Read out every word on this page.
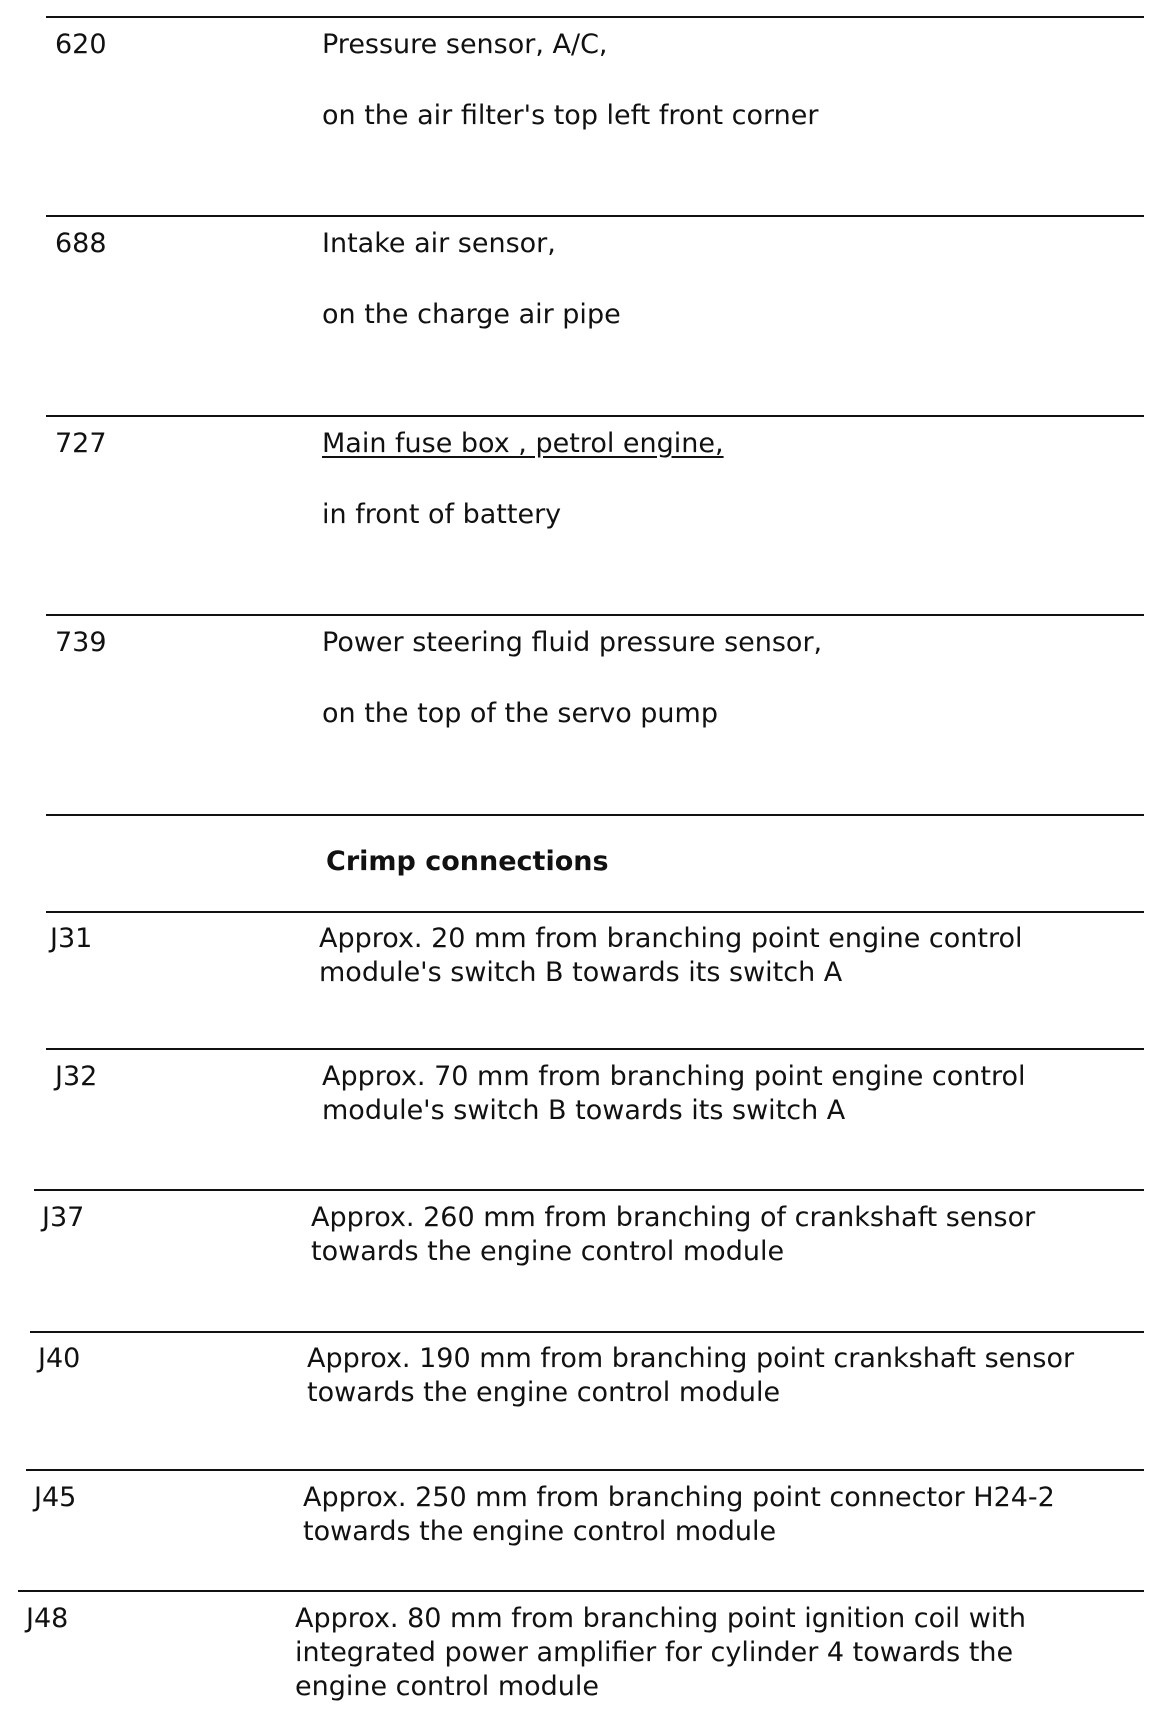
620	Pressure sensor, A/C,
on the air filter's top left front corner
688	Intake air sensor,
on the charge air pipe
727	Main fuse box , petrol engine,
in front of battery
739	Power steering fluid pressure sensor,
on the top of the servo pump
Crimp connections
J31	Approx. 20 mm from branching point engine control
module's switch B towards its switch A
J32	Approx. 70 mm from branching point engine control
module's switch B towards its switch A
J37	Approx. 260 mm from branching of crankshaft sensor
towards the engine control module
J40	Approx. 190 mm from branching point crankshaft sensor
towards the engine control module
J45	Approx. 250 mm from branching point connector H24-2
towards the engine control module
J48	Approx. 80 mm from branching point ignition coil with
integrated power amplifier for cylinder 4 towards the
engine control module
